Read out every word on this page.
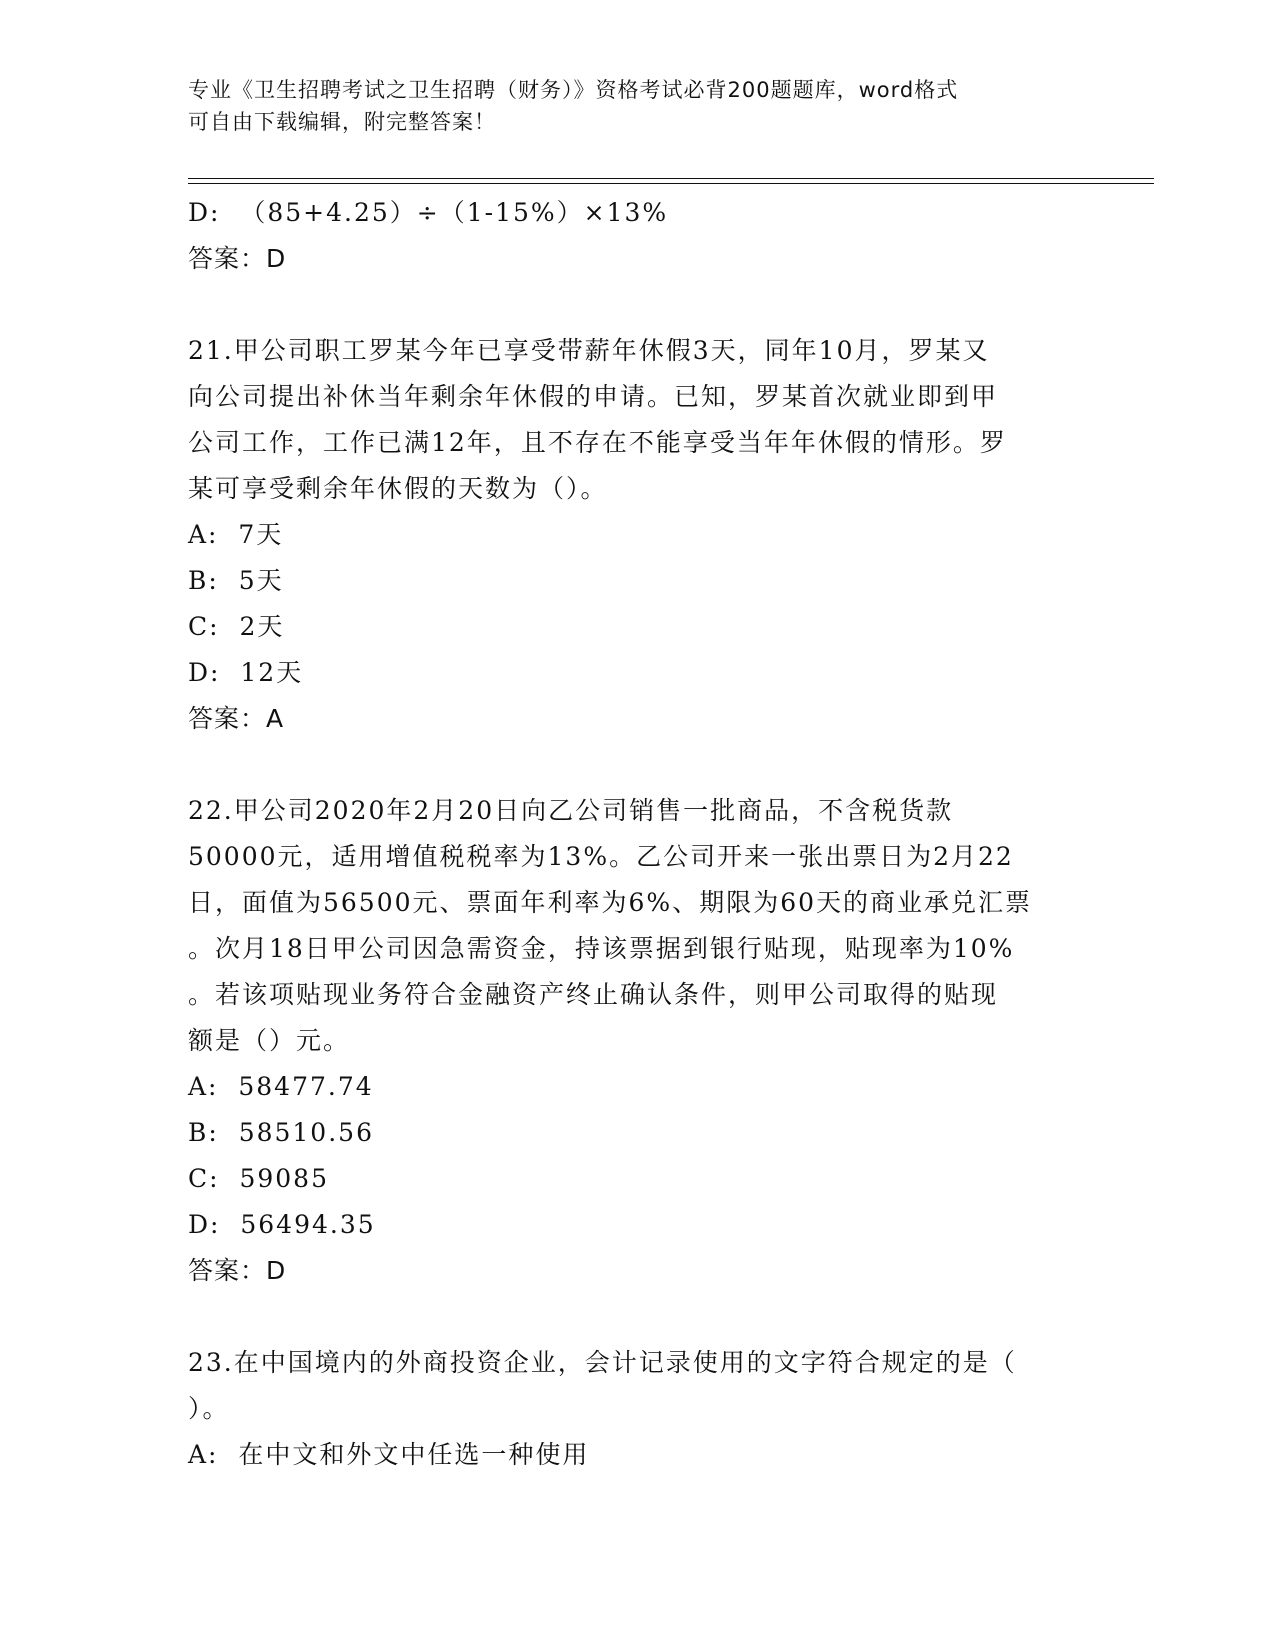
专业《卫生招聘考试之卫生招聘（财务）》资格考试必背200题题库，word格式
可自由下载编辑，附完整答案！
D:  （85+4.25）÷（1-15%）×13%
答案：D
21.甲公司职工罗某今年已享受带薪年休假3天，同年10月，罗某又
向公司提出补休当年剩余年休假的申请。已知，罗某首次就业即到甲
公司工作，工作已满12年，且不存在不能享受当年年休假的情形。罗
某可享受剩余年休假的天数为（）。
A:  7天
B:  5天
C:  2天
D:  12天
答案：A
22.甲公司2020年2月20日向乙公司销售一批商品，不含税货款
50000元，适用增值税税率为13%。乙公司开来一张出票日为2月22
日，面值为56500元、票面年利率为6%、期限为60天的商业承兑汇票
。次月18日甲公司因急需资金，持该票据到银行贴现，贴现率为10%
。若该项贴现业务符合金融资产终止确认条件，则甲公司取得的贴现
额是（）元。
A:  58477.74
B:  58510.56
C:  59085
D:  56494.35
答案：D
23.在中国境内的外商投资企业，会计记录使用的文字符合规定的是（
）。
A:  在中文和外文中任选一种使用
